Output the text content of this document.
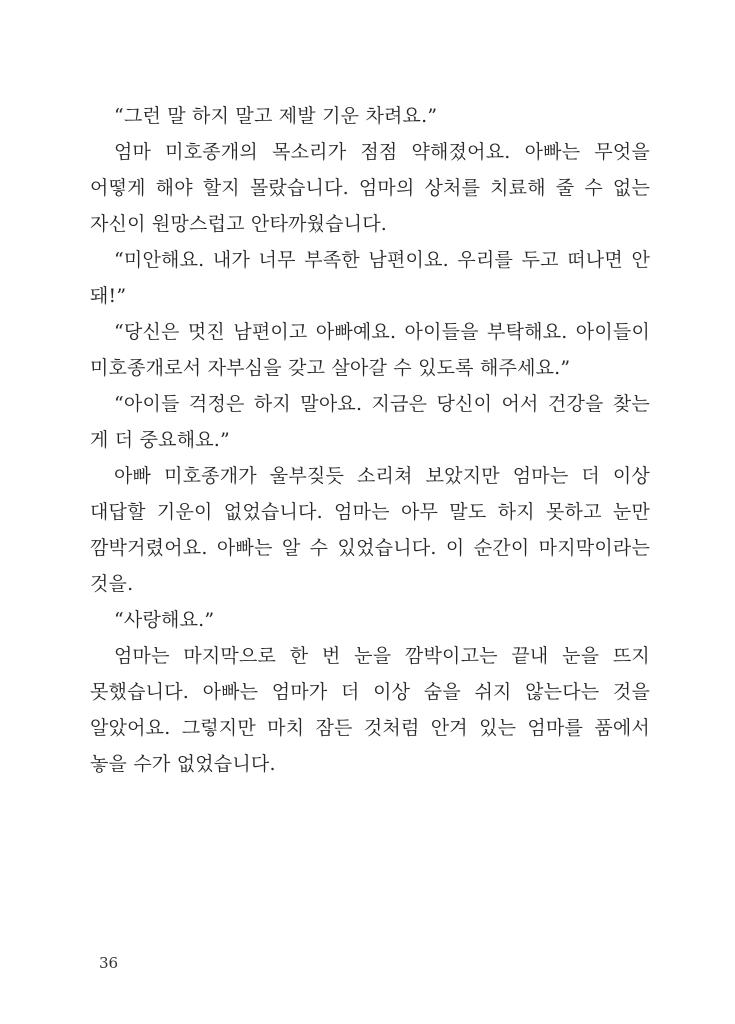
“그런 말 하지 말고 제발 기운 차려요.”

엄마 미호종개의 목소리가 점점 약해졌어요. 아빠는 무엇을 어떻게 해야 할지 몰랐습니다. 엄마의 상처를 치료해 줄 수 없는 자신이 원망스럽고 안타까웠습니다.

“미안해요. 내가 너무 부족한 남편이요. 우리를 두고 떠나면 안 돼!”

“당신은 멋진 남편이고 아빠예요. 아이들을 부탁해요. 아이들이 미호종개로서 자부심을 갖고 살아갈 수 있도록 해주세요.”

“아이들 걱정은 하지 말아요. 지금은 당신이 어서 건강을 찾는 게 더 중요해요.”

아빠 미호종개가 울부짖듯 소리쳐 보았지만 엄마는 더 이상 대답할 기운이 없었습니다. 엄마는 아무 말도 하지 못하고 눈만 깜박거렸어요. 아빠는 알 수 있었습니다. 이 순간이 마지막이라는 것을.

“사랑해요.”

엄마는 마지막으로 한 번 눈을 깜박이고는 끝내 눈을 뜨지 못했습니다. 아빠는 엄마가 더 이상 숨을 쉬지 않는다는 것을 알았어요. 그렇지만 마치 잠든 것처럼 안겨 있는 엄마를 품에서 놓을 수가 없었습니다.

36
